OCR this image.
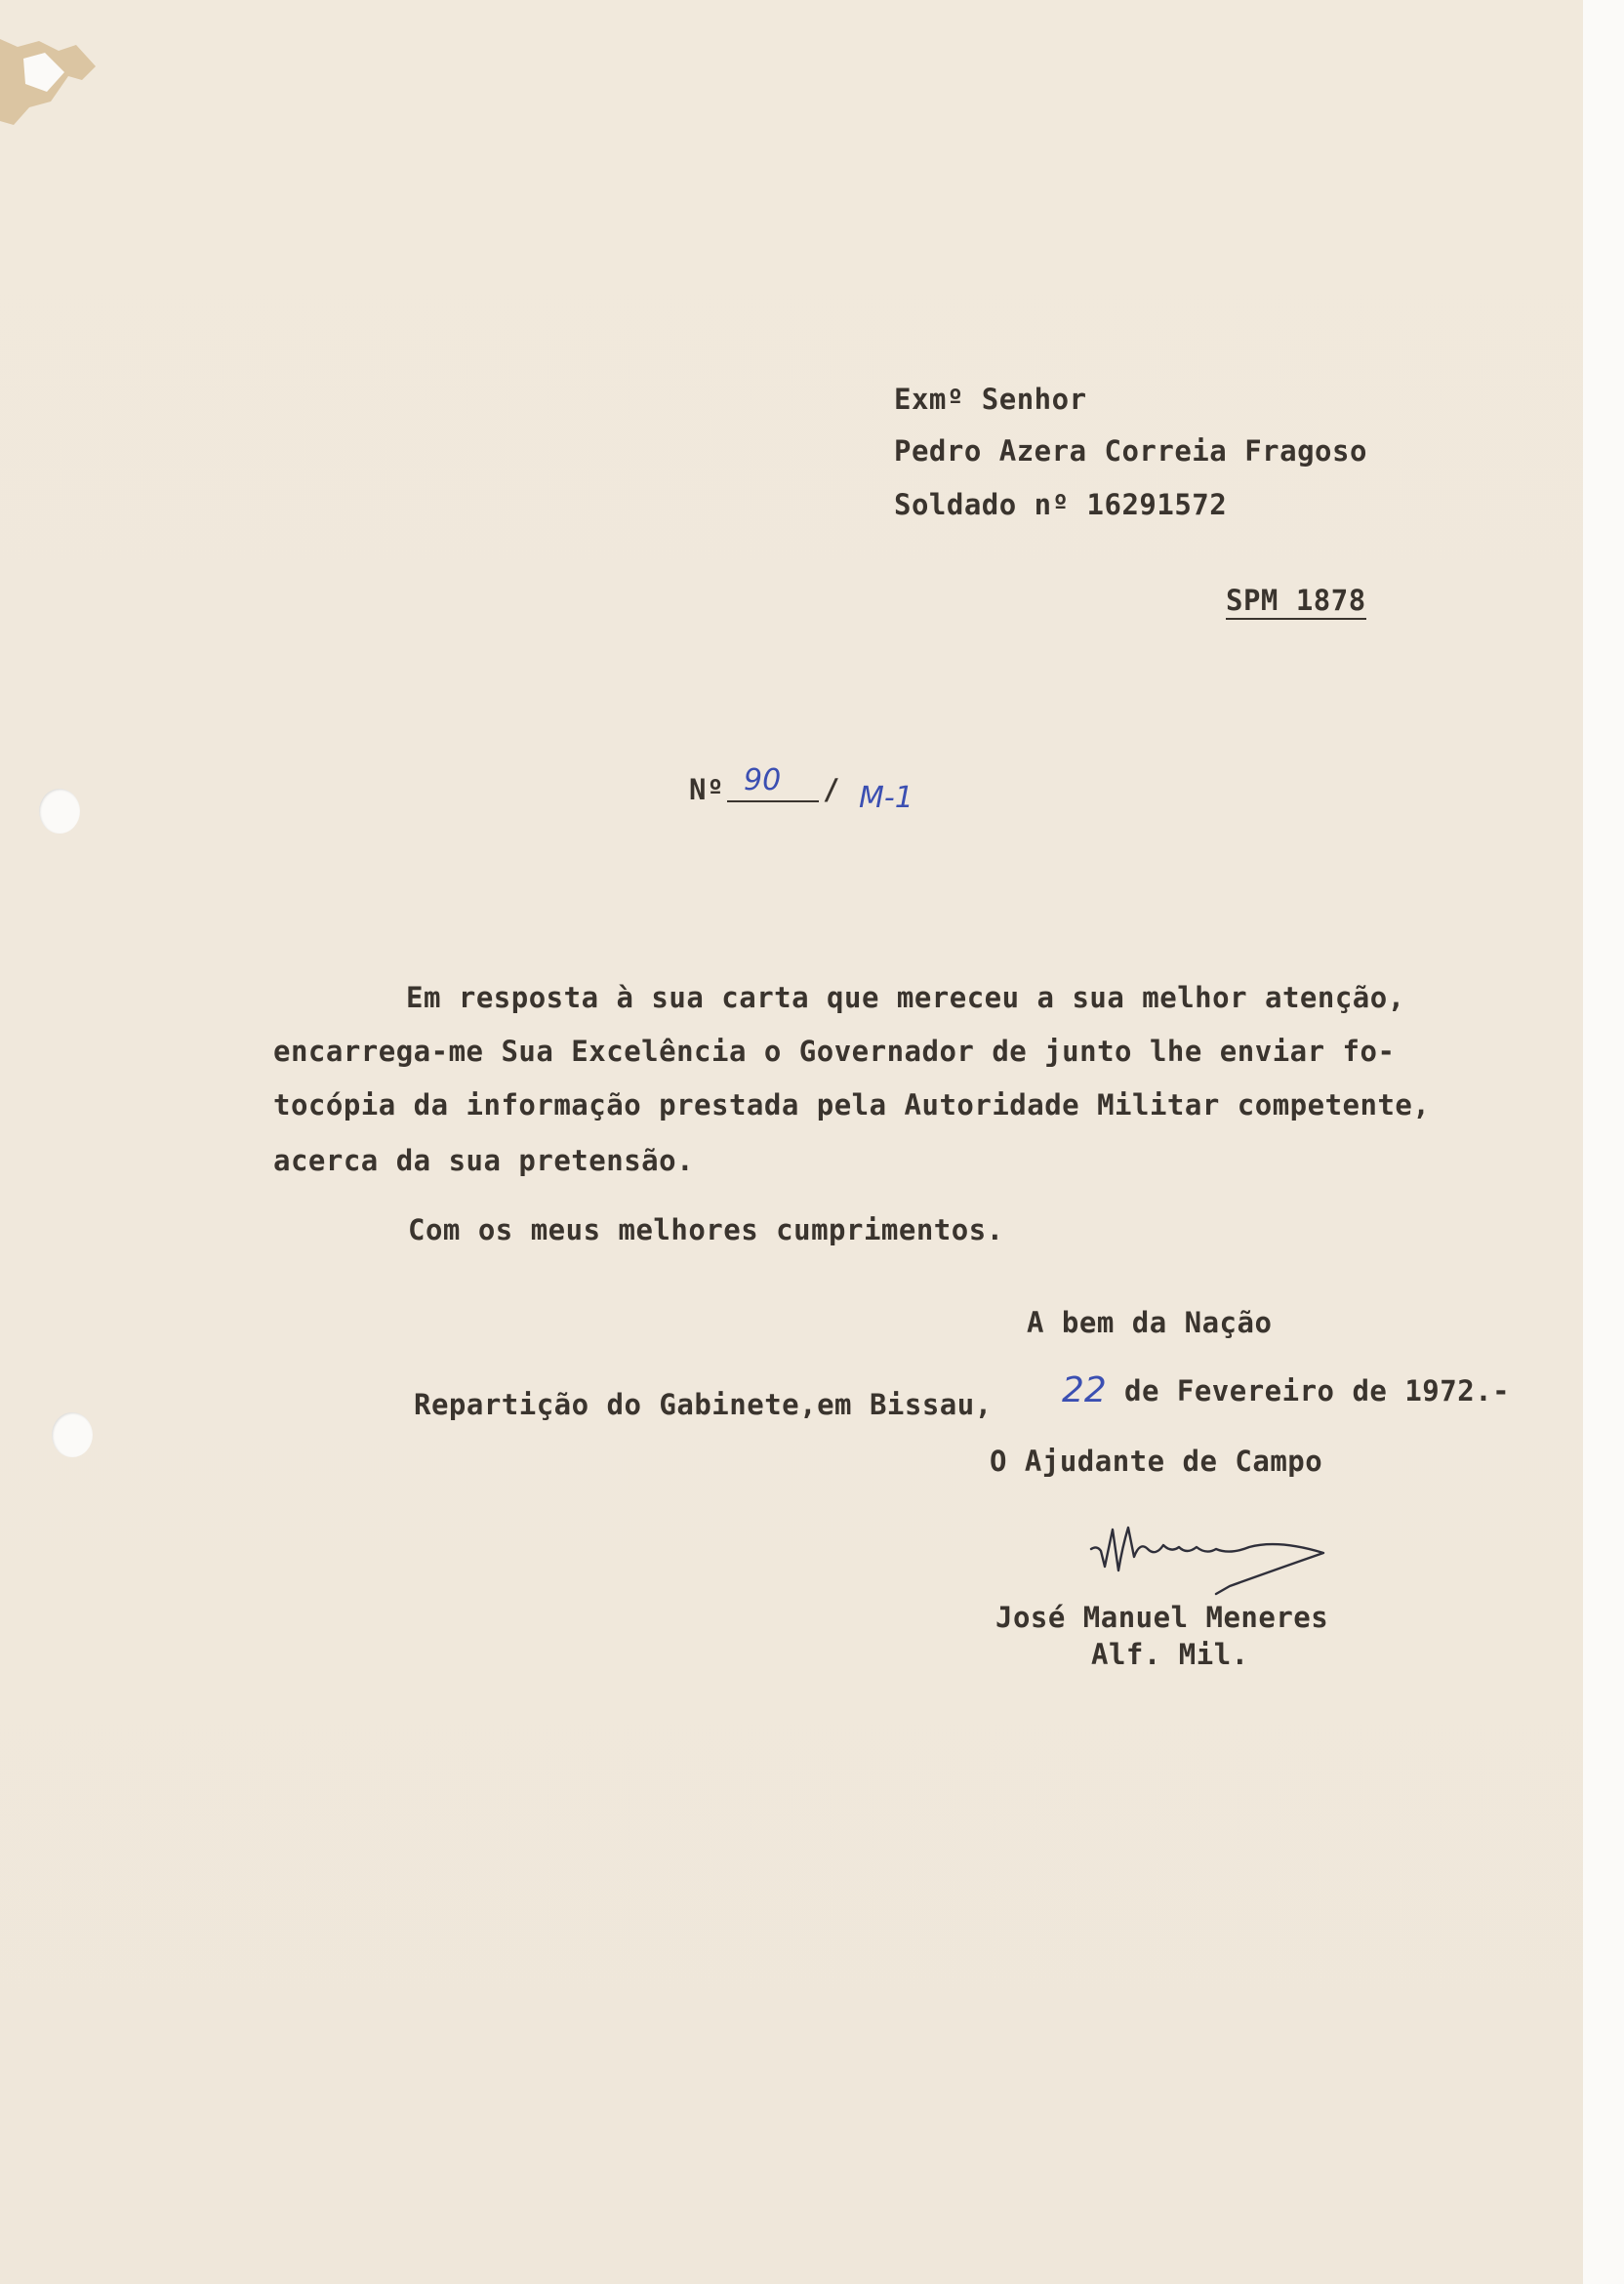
Exmº Senhor
Pedro Azera Correia Fragoso
Soldado nº 16291572
SPM 1878
Nº 90 / M-1
Em resposta à sua carta que mereceu a sua melhor atenção,
encarrega-me Sua Excelência o Governador de junto lhe enviar fo-
tocópia da informação prestada pela Autoridade Militar competente,
acerca da sua pretensão.
Com os meus melhores cumprimentos.
A bem da Nação
Repartição do Gabinete,em Bissau, 22 de Fevereiro de 1972.-
O Ajudante de Campo
José Manuel Meneres
Alf. Mil.
